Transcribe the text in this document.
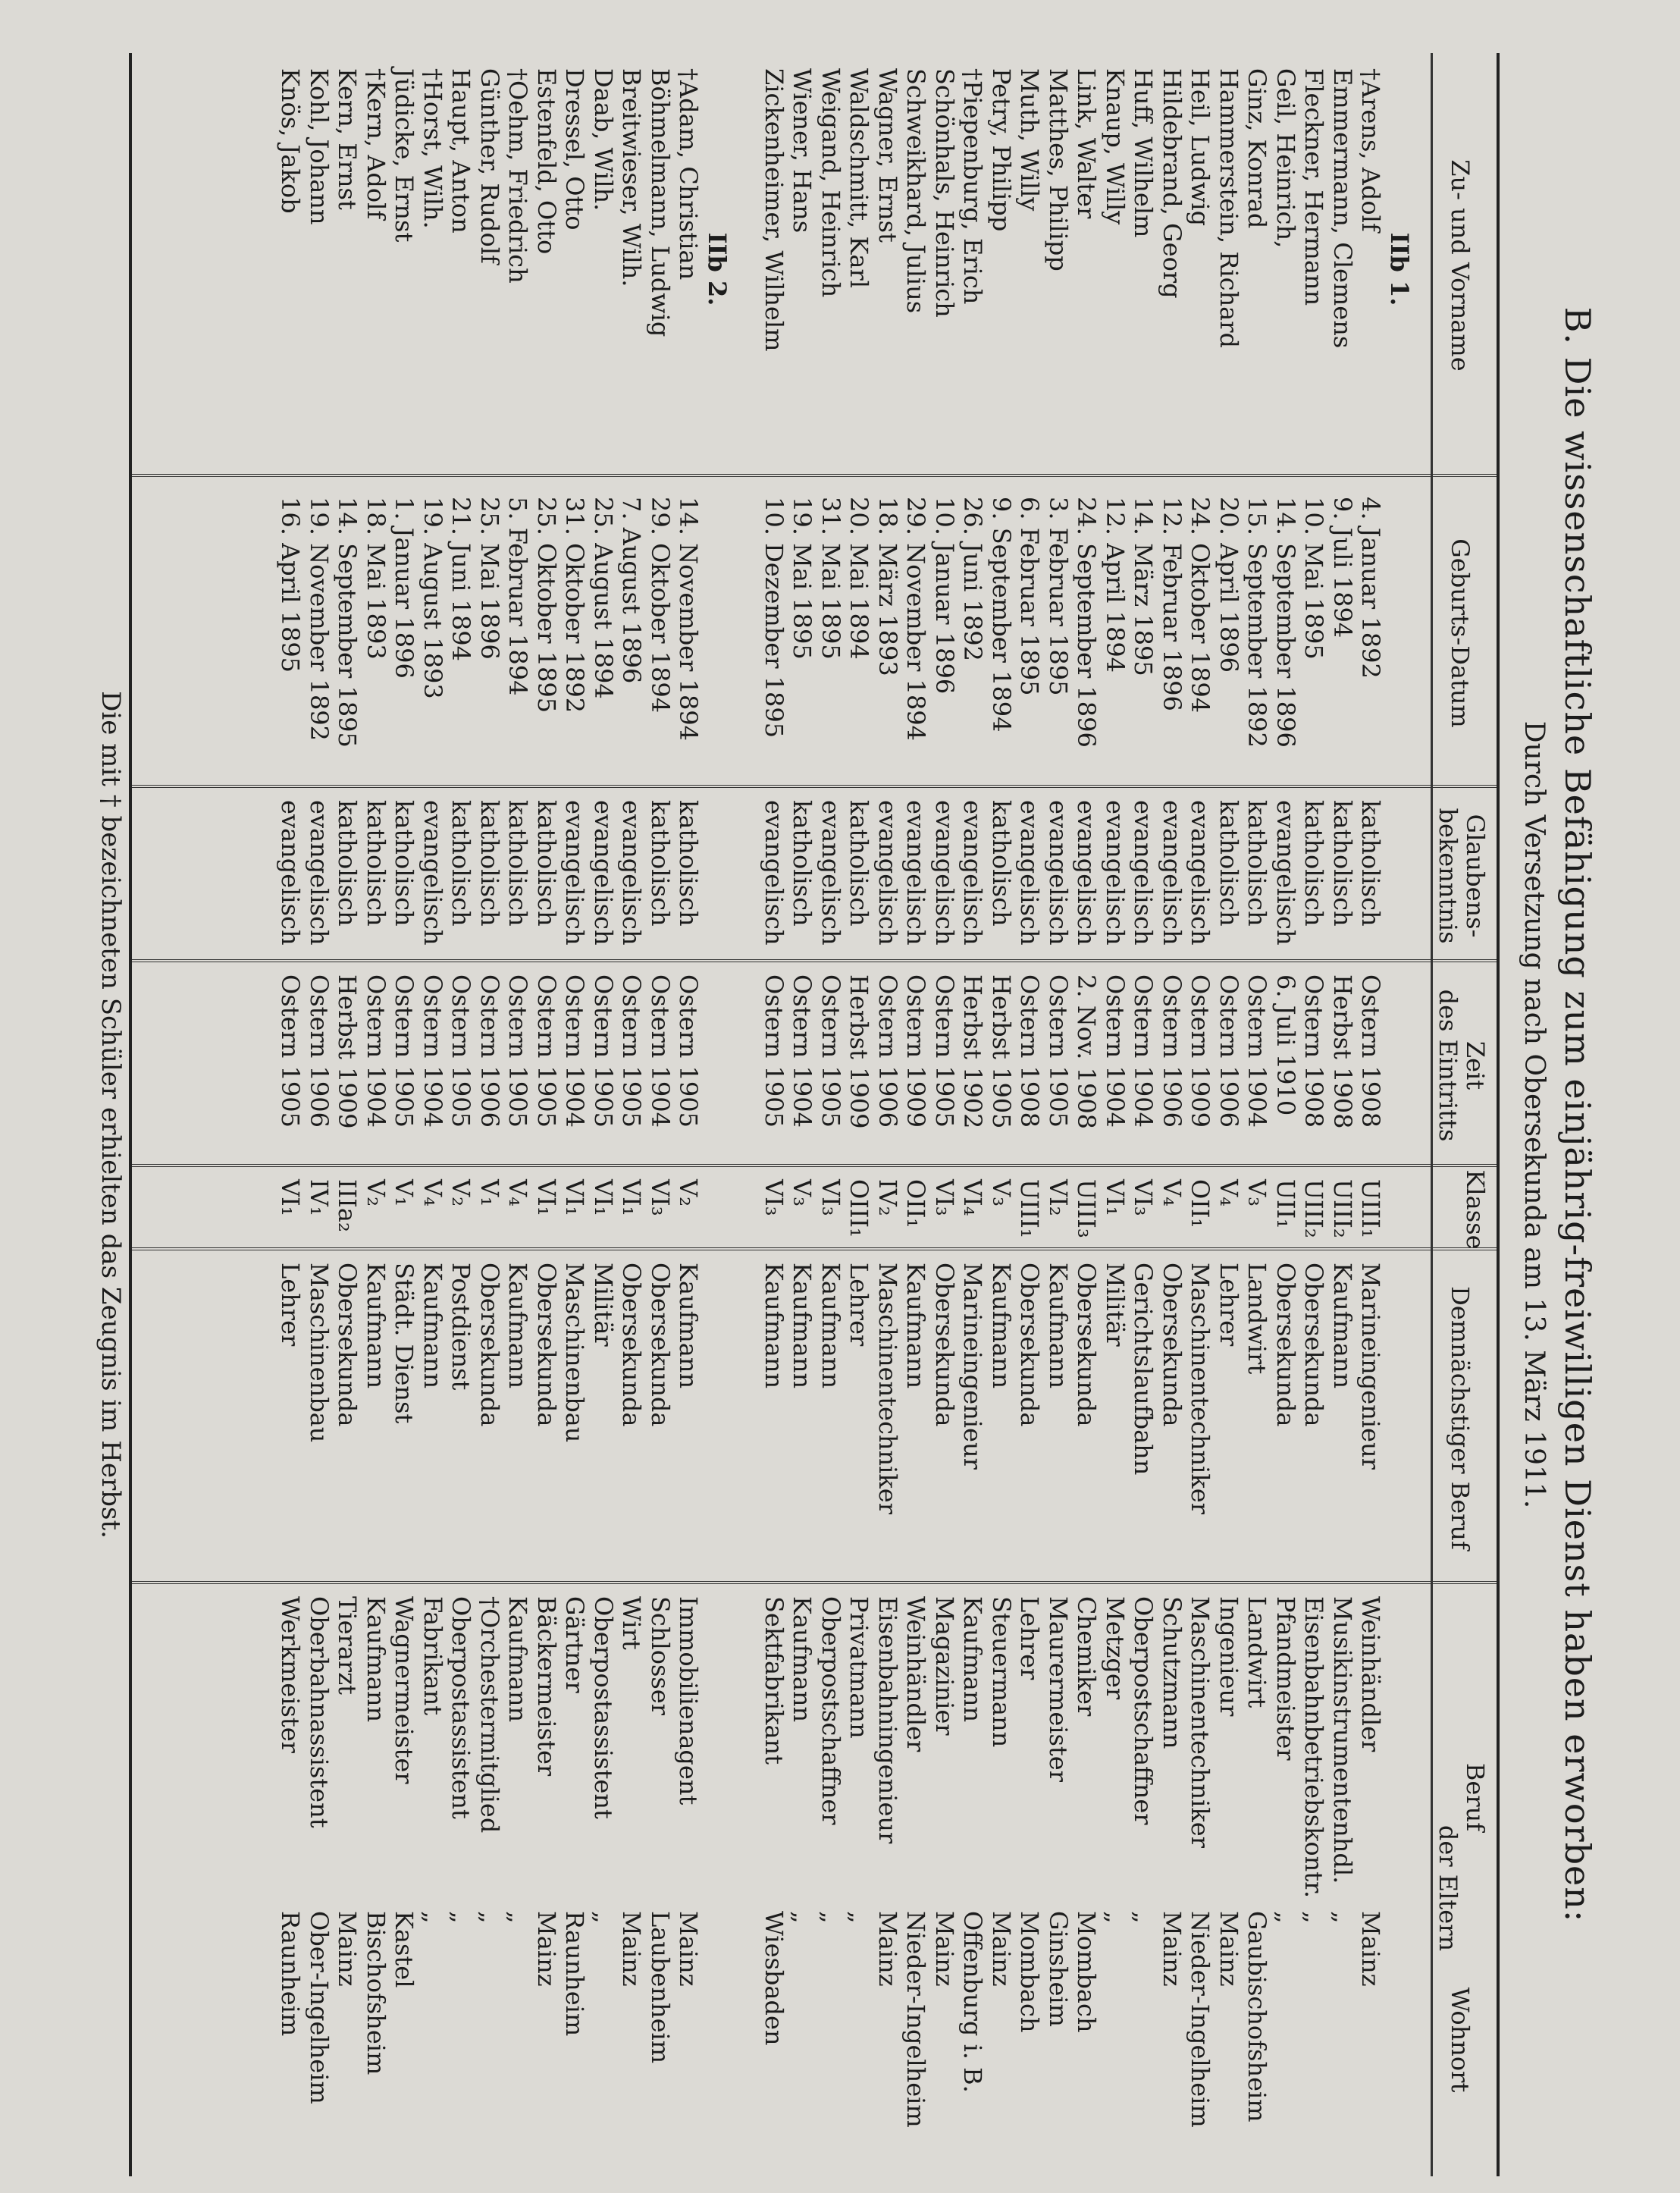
B. Die wissenschaftliche Befähigung zum einjährig-freiwilligen Dienst haben erworben:
Durch Versetzung nach Obersekunda am 13. März 1911.
Zu- und Vorname
Geburts-Datum
Glaubens-
bekenntnis
Zeit
des Eintritts
Klasse
Demnächstiger Beruf
Beruf
der Eltern
Wohnort
IIb 1.
†Arens, Adolf
Emmermann, Clemens
Fleckner, Hermann
Geil, Heinrich,
Ginz, Konrad
Hammerstein, Richard
Heil, Ludwig
Hildebrand, Georg
Huff, Wilhelm
Knaup, Willy
Link, Walter
Matthes, Philipp
Muth, Willy
Petry, Philipp
†Piepenburg, Erich
Schönhals, Heinrich
Schweikhard, Julius
Wagner, Ernst
Waldschmitt, Karl
Weigand, Heinrich
Wiener, Hans
Zickenheimer, Wilhelm
IIb 2.
†Adam, Christian
Böhmelmann, Ludwig
Breitwieser, Wilh.
Daab, Wilh.
Dressel, Otto
Estenfeld, Otto
†Oehm, Friedrich
Günther, Rudolf
Haupt, Anton
†Horst, Wilh.
Jüdicke, Ernst
†Kern, Adolf
Kern, Ernst
Kohl, Johann
Knös, Jakob
4. Januar 1892
9. Juli 1894
10. Mai 1895
14. September 1896
15. September 1892
20. April 1896
24. Oktober 1894
12. Februar 1896
14. März 1895
12. April 1894
24. September 1896
3. Februar 1895
6. Februar 1895
9. September 1894
26. Juni 1892
10. Januar 1896
29. November 1894
18. März 1893
20. Mai 1894
31. Mai 1895
19. Mai 1895
10. Dezember 1895
14. November 1894
29. Oktober 1894
7. August 1896
25. August 1894
31. Oktober 1892
25. Oktober 1895
5. Februar 1894
25. Mai 1896
21. Juni 1894
19. August 1893
1. Januar 1896
18. Mai 1893
14. September 1895
19. November 1892
16. April 1895
katholisch
katholisch
katholisch
evangelisch
katholisch
katholisch
evangelisch
evangelisch
evangelisch
evangelisch
evangelisch
evangelisch
evangelisch
katholisch
evangelisch
evangelisch
evangelisch
evangelisch
katholisch
evangelisch
katholisch
evangelisch
katholisch
katholisch
evangelisch
evangelisch
evangelisch
katholisch
katholisch
katholisch
katholisch
evangelisch
katholisch
katholisch
katholisch
evangelisch
evangelisch
Ostern 1908
Herbst 1908
Ostern 1908
6. Juli 1910
Ostern 1904
Ostern 1906
Ostern 1909
Ostern 1906
Ostern 1904
Ostern 1904
2. Nov. 1908
Ostern 1905
Ostern 1908
Herbst 1905
Herbst 1902
Ostern 1905
Ostern 1909
Ostern 1906
Herbst 1909
Ostern 1905
Ostern 1904
Ostern 1905
Ostern 1905
Ostern 1904
Ostern 1905
Ostern 1905
Ostern 1904
Ostern 1905
Ostern 1905
Ostern 1906
Ostern 1905
Ostern 1904
Ostern 1905
Ostern 1904
Herbst 1909
Ostern 1906
Ostern 1905
UIII₁
UIII₂
UIII₂
UII₁
V₃
V₄
OII₁
V₄
VI₃
VI₁
UIII₃
VI₂
UIII₁
V₃
VI₄
VI₃
OII₁
IV₂
OIII₁
VI₃
V₃
VI₃
V₂
VI₃
VI₁
VI₁
VI₁
VI₁
V₄
V₁
V₂
V₄
V₁
V₂
IIIa₂
IV₁
VI₁
Marineingenieur
Kaufmann
Obersekunda
Obersekunda
Landwirt
Lehrer
Maschinentechniker
Obersekunda
Gerichtslaufbahn
Militär
Obersekunda
Kaufmann
Obersekunda
Kaufmann
Marineingenieur
Obersekunda
Kaufmann
Maschinentechniker
Lehrer
Kaufmann
Kaufmann
Kaufmann
Kaufmann
Obersekunda
Obersekunda
Militär
Maschinenbau
Obersekunda
Kaufmann
Obersekunda
Postdienst
Kaufmann
Städt. Dienst
Kaufmann
Obersekunda
Maschinenbau
Lehrer
Weinhändler
Musikinstrumentenhdl.
Eisenbahnbetriebskontr.
Pfandmeister
Landwirt
Ingenieur
Maschinentechniker
Schutzmann
Oberpostschaffner
Metzger
Chemiker
Maurermeister
Lehrer
Steuermann
Kaufmann
Magazinier
Weinhändler
Eisenbahningenieur
Privatmann
Oberpostschaffner
Kaufmann
Sektfabrikant
Immobilienagent
Schlosser
Wirt
Oberpostassistent
Gärtner
Bäckermeister
Kaufmann
†Orchestermitglied
Oberpostassistent
Fabrikant
Wagnermeister
Kaufmann
Tierarzt
Oberbahnassistent
Werkmeister
Mainz
„
„
„
Gaubischofsheim
Mainz
Nieder-Ingelheim
Mainz
„
„
Mombach
Ginsheim
Mombach
Mainz
Offenburg i. B.
Mainz
Nieder-Ingelheim
Mainz
„
„
„
Wiesbaden
Mainz
Laubenheim
Mainz
„
Raunheim
Mainz
„
„
„
„
Kastel
Bischofsheim
Mainz
Ober-Ingelheim
Raunheim
Die mit † bezeichneten Schüler erhielten das Zeugnis im Herbst.
